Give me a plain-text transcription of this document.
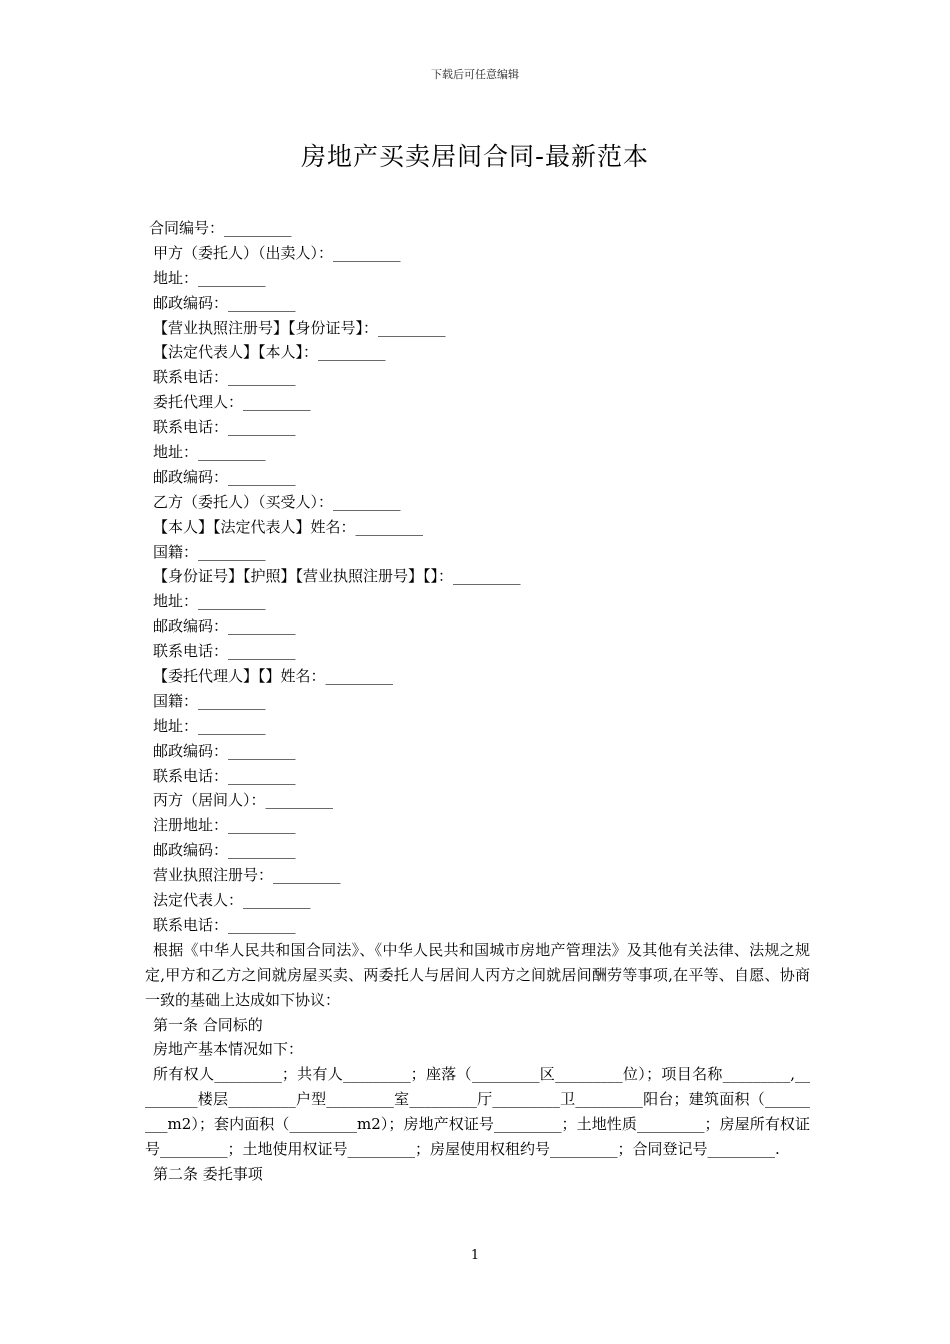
下载后可任意编辑
房地产买卖居间合同-最新范本
合同编号：_________
甲方（委托人）（出卖人）：_________
地址：_________
邮政编码：_________
【营业执照注册号】【身份证号】：_________
【法定代表人】【本人】：_________
联系电话：_________
委托代理人：_________
联系电话：_________
地址：_________
邮政编码：_________
乙方（委托人）（买受人）：_________
【本人】【法定代表人】姓名：_________
国籍：_________
【身份证号】【护照】【营业执照注册号】【】：_________
地址：_________
邮政编码：_________
联系电话：_________
【委托代理人】【】姓名：_________
国籍：_________
地址：_________
邮政编码：_________
联系电话：_________
丙方（居间人）：_________
注册地址：_________
邮政编码：_________
营业执照注册号：_________
法定代表人：_________
联系电话：_________
根据《中华人民共和国合同法》、《中华人民共和国城市房地产管理法》及其他有关法律、法规之规定,甲方和乙方之间就房屋买卖、两委托人与居间人丙方之间就居间酬劳等事项,在平等、自愿、协商一致的基础上达成如下协议：
第一条 合同标的
房地产基本情况如下：
所有权人_________；共有人_________；座落（_________区_________位）；项目名称_________,_________楼层_________户型_________室_________厅_________卫_________阳台；建筑面积（_________m2）；套内面积（_________m2）；房地产权证号_________；土地性质_________；房屋所有权证号_________；土地使用权证号_________；房屋使用权租约号_________；合同登记号_________.
第二条 委托事项
1
